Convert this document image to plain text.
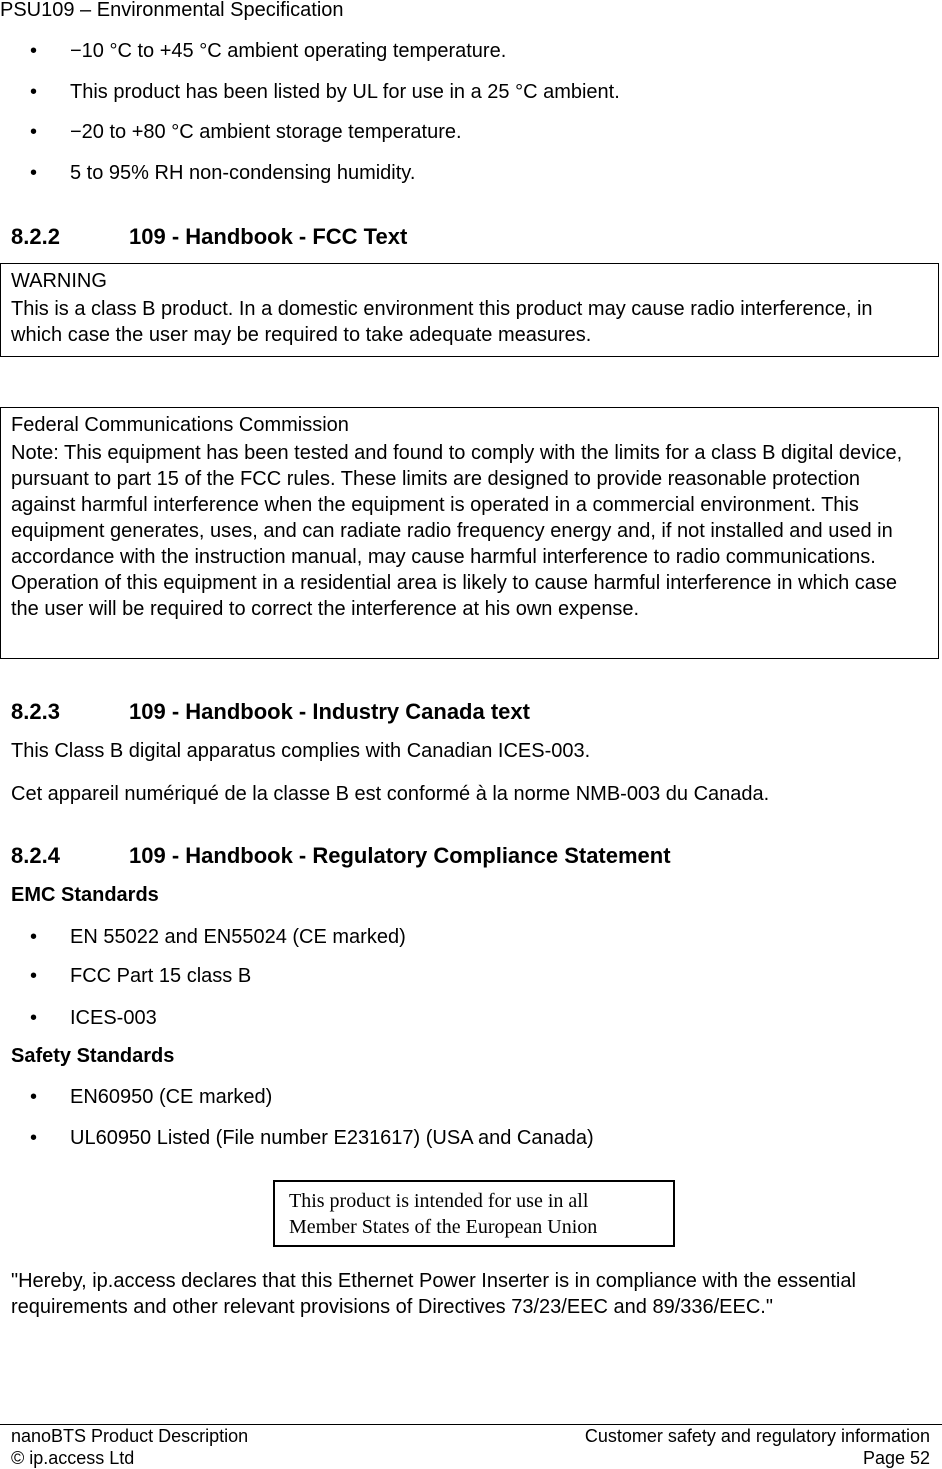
PSU109 – Environmental Specification
• −10 °C to +45 °C ambient operating temperature.
• This product has been listed by UL for use in a 25 °C ambient.
• −20 to +80 °C ambient storage temperature.
• 5 to 95% RH non-condensing humidity.
8.2.2	109 - Handbook - FCC Text

WARNING

This is a class B product. In a domestic environment this product may cause radio interference, in which case the user may be required to take adequate measures.

Federal Communications Commission

Note: This equipment has been tested and found to comply with the limits for a class B digital device, pursuant to part 15 of the FCC rules. These limits are designed to provide reasonable protection against harmful interference when the equipment is operated in a commercial environment. This equipment generates, uses, and can radiate radio frequency energy and, if not installed and used in accordance with the instruction manual, may cause harmful interference to radio communications. Operation of this equipment in a residential area is likely to cause harmful interference in which case the user will be required to correct the interference at his own expense.

8.2.3	109 - Handbook - Industry Canada text
This Class B digital apparatus complies with Canadian ICES-003.
Cet appareil numériqué de la classe B est conformé à la norme NMB-003 du Canada.
8.2.4	109 - Handbook - Regulatory Compliance Statement
EMC Standards
• EN 55022 and EN55024 (CE marked)
• FCC Part 15 class B
• ICES-003
Safety Standards
• EN60950 (CE marked)
• UL60950 Listed (File number E231617) (USA and Canada)
This product is intended for use in all
Member States of the European Union
"Hereby, ip.access declares that this Ethernet Power Inserter is in compliance with the essential requirements and other relevant provisions of Directives 73/23/EEC and 89/336/EEC."
nanoBTS Product Description
© ip.access Ltd
Customer safety and regulatory information
Page 52
